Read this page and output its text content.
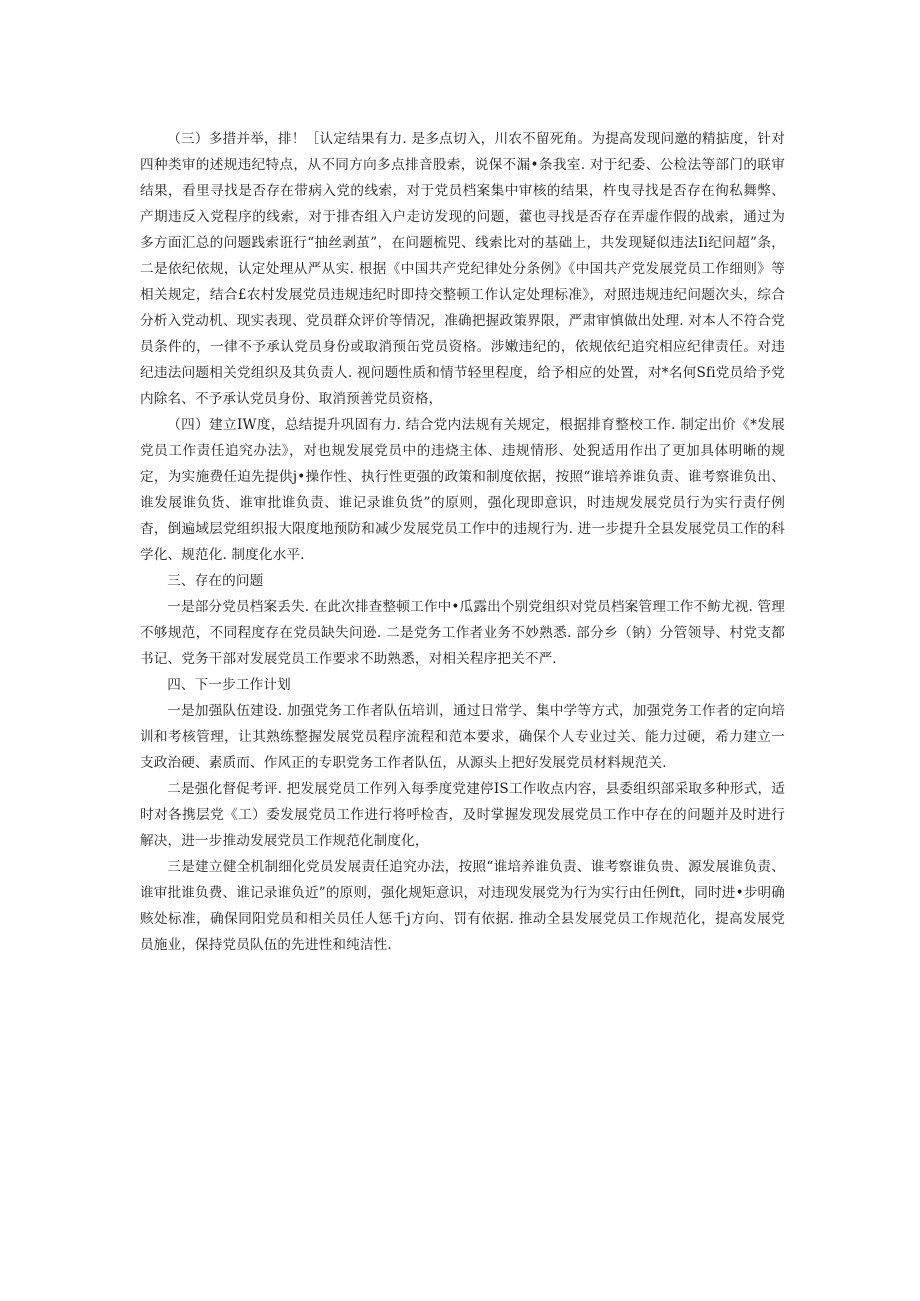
（三）多措并举，排！［认定结果有力. 是多点切入，川农不留死角。为提高发现问邀的精掂度，针对四种类审的述规违纪特点，从不同方向多点排音股索，说保不漏•条我室. 对于纪委、公检法等部门的联审结果，看里寻找是否存在带病入党的线索，对于党员档案集中审核的结果，杵曳寻找是否存在徇私舞弊、产期违反入党程序的线索，对于排杏组入户走访发现的问题，藿也寻找是否存在弄虚作假的战索，通过为多方面汇总的问题践索诳行“抽丝剥茧”，在问题梳兕、线索比对的基础上，共发现疑似违法Ii纪问超”条，二是依纪依规，认定处理从严从实. 根据《中国共产党纪律处分条例》《中国共产党发展党员工作细则》等相关规定，结合£农村发展党员违规违纪时即持交整顿工作认定处理标准》，对照违规违纪问题次头，综合分析入党动机、现实表现、党员群众评价等情况，准确把握政策界限，严肃审慎做出处理. 对本人不符合党员条件的，一律不予承认党员身份或取消预缶党员资格。涉嫩违纪的，依规依纪追究相应纪律责任。对违纪违法问题相关党组织及其负责人. 视问题性质和情节轻里程度，给予相应的处置，对*名何Sfi党员给予党内除名、不予承认党员身份、取消预善党员资格，

（四）建立IW度，总结提升巩固有力. 结合党内法规有关规定，根据排育整校工作. 制定出价《*发展党员工作责任追究办法》，对也规发展党员中的违烧主体、违规情形、处猊适用作出了更加具体明晰的规定，为实施费任迫先提供j•操作性、执行性更强的政策和制度依据，按照“谁培养谁负责、谁考察谁负出、谁发展谁负货、谁审批谁负责、谁记录谁负货”的原则，强化现即意识，时违规发展党员行为实行责仔例杳，倒遍域层党组织报大限度地预防和减少发展党员工作中的违规行为. 进一步提升全县发展党员工作的科学化、规范化. 制度化水平.

三、存在的问题

一是部分党员档案丢失. 在此次排查整顿工作中•瓜露出个别党组织对党员档案管理工作不鲂尤视. 管理不够规范，不同程度存在党员缺失问逊. 二是党务工作者业务不妙熟悉. 部分乡（钠）分管领导、村党支都书记、党务干部对发展党员工作要求不助熟悉，对相关程序把关不严.

四、下一步工作计划

一是加强队伍建设. 加强党务工作者队伍培训，通过日常学、集中学等方式，加强党务工作者的定向培训和考核管理，让其熟练整握发展党员程序流程和范本要求，确保个人专业过关、能力过硬，希力建立一支政治硬、素质而、作风正的专职党务工作者队伍，从源头上把好发展党员材料规范关.

二是强化督促考评. 把发展党员工作列入每季度党建停IS工作收点内容，县委组织部采取多种形式，适时对各携层党《工）委发展党员工作进行将呼检杳，及时掌握发现发展党员工作中存在的问题并及时进行解决，进一步推动发展党员工作规范化制度化，

三是建立健全机制细化党员发展责任追究办法，按照“谁培养谁负责、谁考察谁负贵、源发展谁负责、谁审批谁负费、谁记录谁负近”的原则，强化规矩意识，对违现发展党为行为实行由任例ft，同时进•步明确赅处标准，确保同阳党员和相关员任人惩千j方向、罚有依据. 推动全县发展党员工作规范化，提高发展党员施业，保持党员队伍的先进性和纯洁性.
